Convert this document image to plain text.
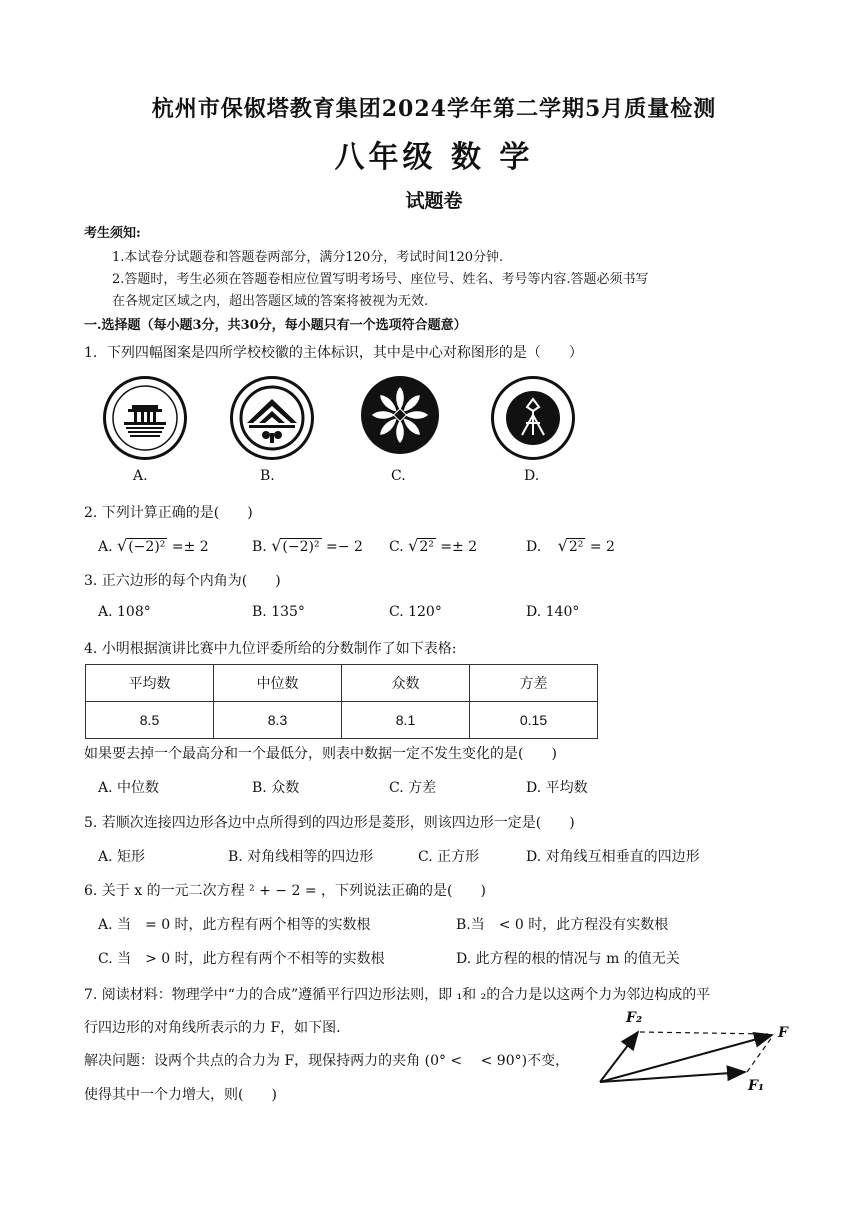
杭州市保俶塔教育集团2024学年第二学期5月质量检测
八年级 数 学
试题卷
考生须知:
1.本试卷分试题卷和答题卷两部分，满分120分，考试时间120分钟.
2.答题时，考生必须在答题卷相应位置写明考场号、座位号、姓名、考号等内容.答题必须书写
在各规定区域之内，超出答题区域的答案将被视为无效.
一.选择题（每小题3分，共30分，每小题只有一个选项符合题意）
1．下列四幅图案是四所学校校徽的主体标识，其中是中心对称图形的是（　　）
A.	B.	C.	D.
2. 下列计算正确的是(　　)
A. √(−2)² =± 2	B. √(−2)² =− 2 C. √2² =± 2	D. √2² = 2
3. 正六边形的每个内角为(　　)
A. 108°	B. 135°	C. 120°	D. 140°
4. 小明根据演讲比赛中九位评委所给的分数制作了如下表格:
平均数	中位数	众数	方差
8.5	8.3	8.1	0.15
如果要去掉一个最高分和一个最低分，则表中数据一定不发生变化的是(　　)
A. 中位数	B. 众数	C. 方差	D. 平均数
5. 若顺次连接四边形各边中点所得到的四边形是菱形，则该四边形一定是(　　)
A. 矩形	B. 对角线相等的四边形	C. 正方形	D. 对角线互相垂直的四边形
6. 关于 x 的一元二次方程 ² + − 2 = ，下列说法正确的是(　　)
A. 当　= 0 时，此方程有两个相等的实数根	B.当　< 0 时，此方程没有实数根
C. 当　> 0 时，此方程有两个不相等的实数根	D. 此方程的根的情况与 m 的值无关
7. 阅读材料：物理学中“力的合成”遵循平行四边形法则，即 ₁和 ₂的合力是以这两个力为邻边构成的平
行四边形的对角线所表示的力 F，如下图.
解决问题：设两个共点的合力为 F，现保持两力的夹角 (0° <　 < 90°)不变，
使得其中一个力增大，则(　　)
F₂
F
F₁
